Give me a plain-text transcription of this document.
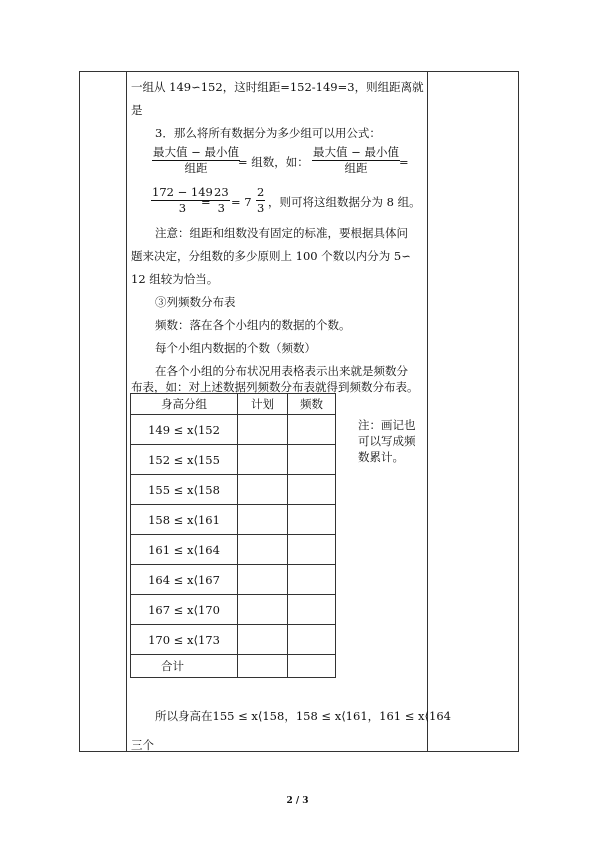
一组从 149∽152，这时组距=152-149=3，则组距离就
是
3．那么将所有数据分为多少组可以用公式：
最大值 − 最小值
组距	= 组数，如：
最大值 − 最小值
组距	=
$\frac{172 - 149}{3}$
= $\frac{23}{3} = 7 \frac{2}{3}$ ，则可将这组数据分为 8 组。
注意：组距和组数没有固定的标准，要根据具体问
题来决定，分组数的多少原则上 100 个数以内分为 5∽
12 组较为恰当。
③列频数分布表
频数：落在各个小组内的数据的个数。
每个小组内数据的个数（频数）
在各个小组的分布状况用表格表示出来就是频数分
布表，如：对上述数据列频数分布表就得到频数分布表。
身高分组	计划	频数
149 ≤ x⟨152		
152 ≤ x⟨155		
155 ≤ x⟨158		
158 ≤ x⟨161		
161 ≤ x⟨164		
164 ≤ x⟨167		
167 ≤ x⟨170		
170 ≤ x⟨173		
合计		
注：画记也
可以写成频
数累计。
所以身高在155 ≤ x⟨158，158 ≤ x⟨161，161 ≤ x⟨164
三个
2 / 3
